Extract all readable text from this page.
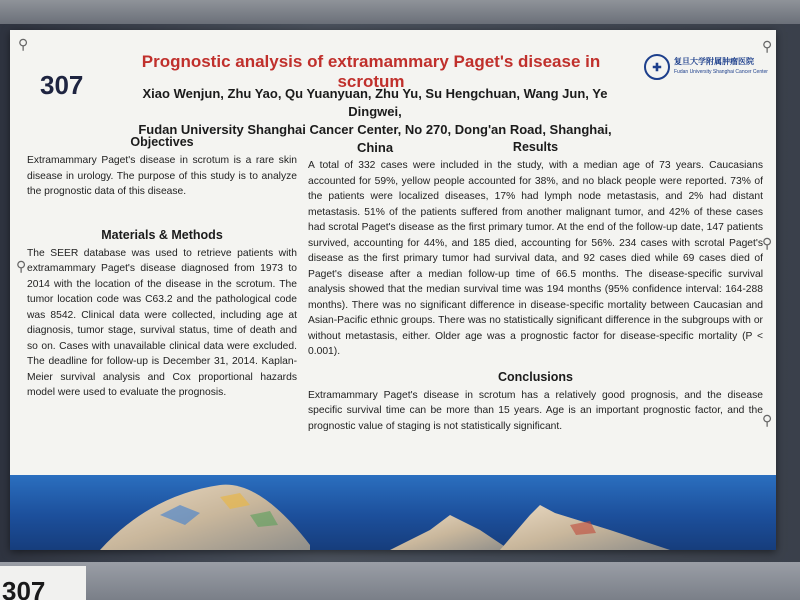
⚲	⚲
⚲
⚲
⚲
307
Prognostic analysis of extramammary Paget's disease in scrotum
✚	复旦大学附属肿瘤医院
Fudan University Shanghai Cancer Center
Xiao Wenjun, Zhu Yao, Qu Yuanyuan, Zhu Yu, Su Hengchuan, Wang Jun, Ye Dingwei,
Fudan University Shanghai Cancer Center, No 270, Dong'an Road, Shanghai, China
Objectives

Extramammary Paget's disease in scrotum is a rare skin disease in urology. The purpose of this study is to analyze the prognostic data of this disease.

Materials & Methods

The SEER database was used to retrieve patients with extramammary Paget's disease diagnosed from 1973 to 2014 with the location of the disease in the scrotum. The tumor location code was C63.2 and the pathological code was 8542. Clinical data were collected, including age at diagnosis, tumor stage, survival status, time of death and so on. Cases with unavailable clinical data were excluded. The deadline for follow-up is December 31, 2014. Kaplan-Meier survival analysis and Cox proportional hazards model were used to evaluate the prognosis.

Results

A total of 332 cases were included in the study, with a median age of 73 years. Caucasians accounted for 59%, yellow people accounted for 38%, and no black people were reported. 73% of the patients were localized diseases, 17% had lymph node metastasis, and 2% had distant metastasis. 51% of the patients suffered from another malignant tumor, and 42% of these cases had scrotal Paget's disease as the first primary tumor. At the end of the follow-up date, 147 patients survived, accounting for 44%, and 185 died, accounting for 56%. 234 cases with scrotal Paget's disease as the first primary tumor had survival data, and 92 cases died while 69 cases died of Paget's disease after a median follow-up time of 66.5 months. The disease-specific survival analysis showed that the median survival time was 194 months (95% confidence interval: 164-288 months). There was no significant difference in disease-specific mortality between Caucasian and Asian-Pacific ethnic groups. There was no statistically significant difference in the subgroups with or without metastasis, either. Older age was a prognostic factor for disease-specific mortality (P < 0.001).

Conclusions

Extramammary Paget's disease in scrotum has a relatively good prognosis, and the disease specific survival time can be more than 15 years. Age is an important prognostic factor, and the prognostic value of staging is not statistically significant.

307
